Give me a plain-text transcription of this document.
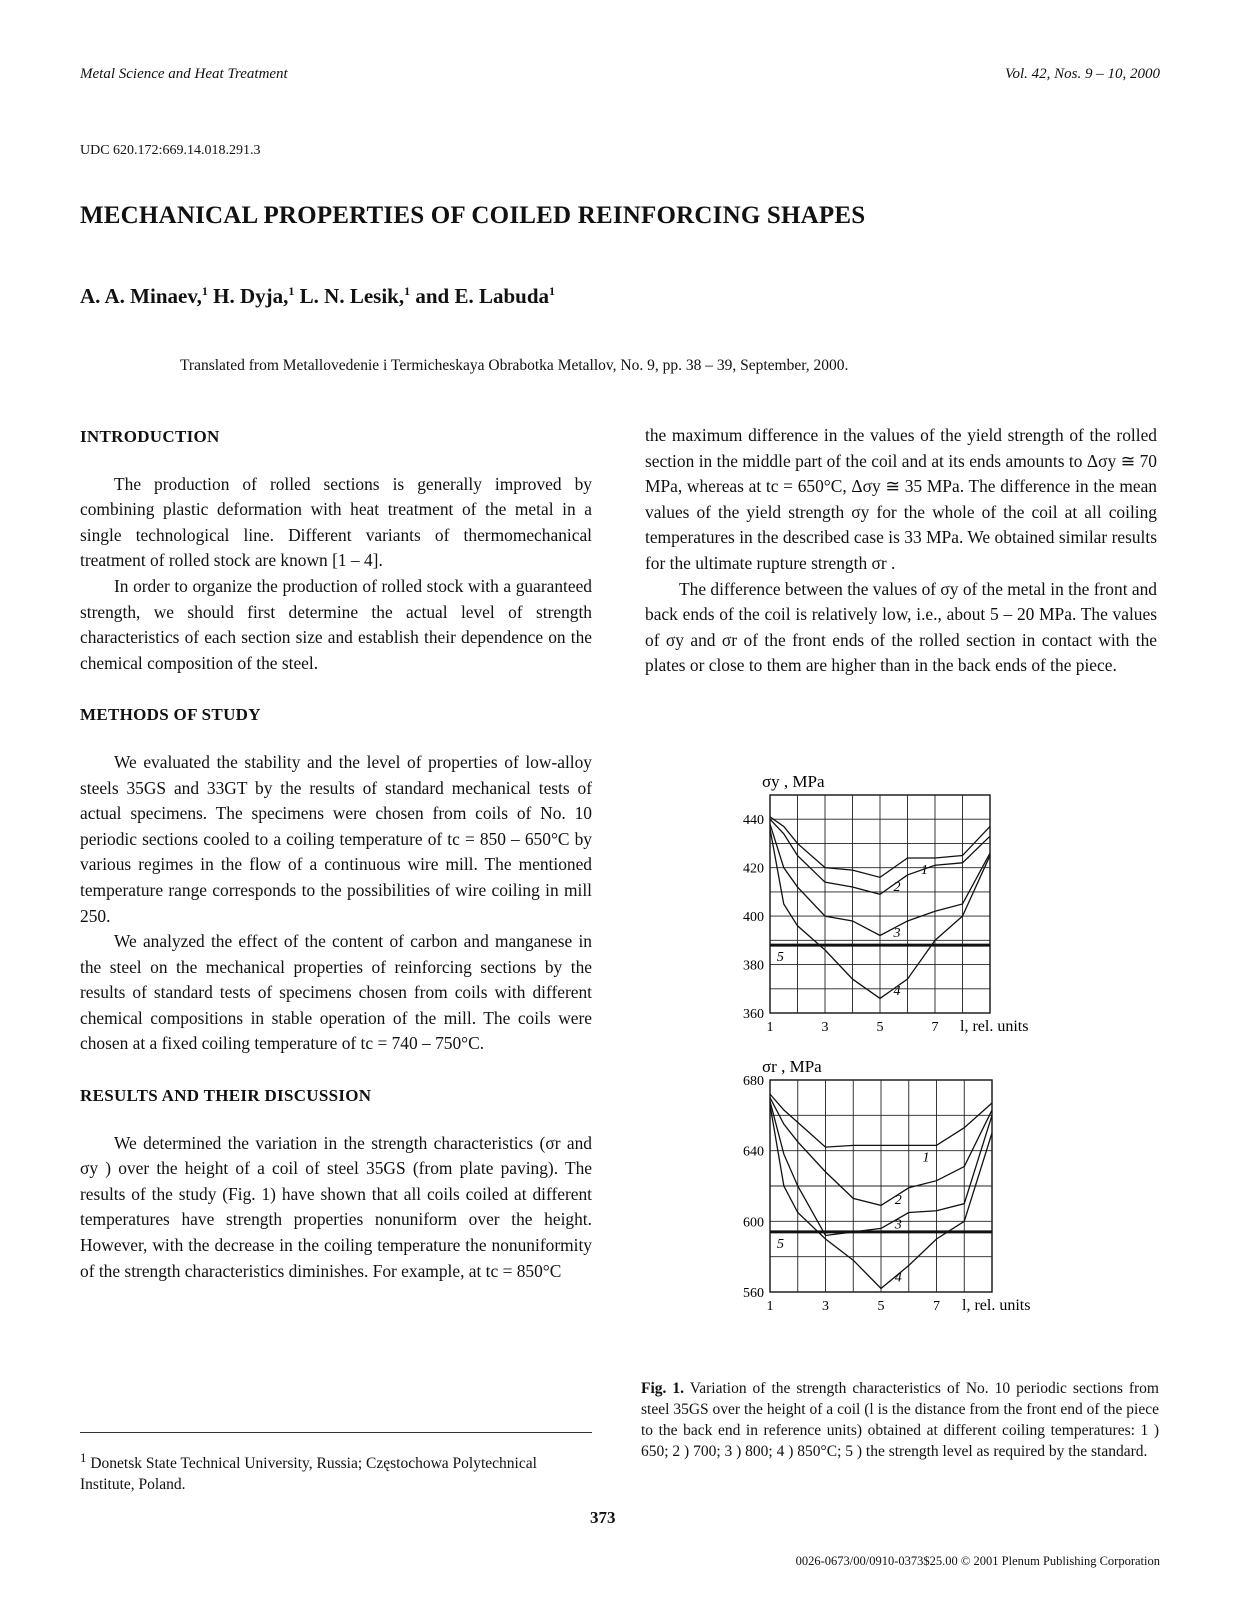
Metal Science and Heat Treatment	Vol. 42, Nos. 9 – 10, 2000
UDC 620.172:669.14.018.291.3
MECHANICAL PROPERTIES OF COILED REINFORCING SHAPES
A. A. Minaev,$^1$ H. Dyja,$^1$ L. N. Lesik,$^1$ and E. Labuda$^1$
Translated from Metallovedenie i Termicheskaya Obrabotka Metallov, No. 9, pp. 38 – 39, September, 2000.
INTRODUCTION

The production of rolled sections is generally improved by combining plastic deformation with heat treatment of the metal in a single technological line. Different variants of thermomechanical treatment of rolled stock are known [1 – 4].

In order to organize the production of rolled stock with a guaranteed strength, we should first determine the actual level of strength characteristics of each section size and establish their dependence on the chemical composition of the steel.

METHODS OF STUDY

We evaluated the stability and the level of properties of low-alloy steels 35GS and 33GT by the results of standard mechanical tests of actual specimens. The specimens were chosen from coils of No. 10 periodic sections cooled to a coiling temperature of tc = 850 – 650°C by various regimes in the flow of a continuous wire mill. The mentioned temperature range corresponds to the possibilities of wire coiling in mill 250.

We analyzed the effect of the content of carbon and manganese in the steel on the mechanical properties of reinforcing sections by the results of standard tests of specimens chosen from coils with different chemical compositions in stable operation of the mill. The coils were chosen at a fixed coiling temperature of tc = 740 – 750°C.

RESULTS AND THEIR DISCUSSION

We determined the variation in the strength characteristics (σr and σy ) over the height of a coil of steel 35GS (from plate paving). The results of the study (Fig. 1) have shown that all coils coiled at different temperatures have strength properties nonuniform over the height. However, with the decrease in the coiling temperature the nonuniformity of the strength characteristics diminishes. For example, at tc = 850°C

$^1$ Donetsk State Technical University, Russia; Częstochowa Polytechnical Institute, Poland.

the maximum difference in the values of the yield strength of the rolled section in the middle part of the coil and at its ends amounts to Δσy ≅ 70 MPa, whereas at tc = 650°C, Δσy ≅ 35 MPa. The difference in the mean values of the yield strength σy for the whole of the coil at all coiling temperatures in the described case is 33 MPa. We obtained similar results for the ultimate rupture strength σr .

The difference between the values of σy of the metal in the front and back ends of the coil is relatively low, i.e., about 5 – 20 MPa. The values of σy and σr of the front ends of the rolled section in contact with the plates or close to them are higher than in the back ends of the piece.

440
420
400
380
360
1	3	5	7 l, rel. units
σy , MPa
1
2
3
4
5
680
640
600
560
1	3	5	7 l, rel. units
σr , MPa
1
2
3
4
5
Fig. 1. Variation of the strength characteristics of No. 10 periodic sections from steel 35GS over the height of a coil (l is the distance from the front end of the piece to the back end in reference units) obtained at different coiling temperatures: 1 ) 650; 2 ) 700; 3 ) 800; 4 ) 850°C; 5 ) the strength level as required by the standard.
373
0026-0673/00/0910-0373$25.00 © 2001 Plenum Publishing Corporation
